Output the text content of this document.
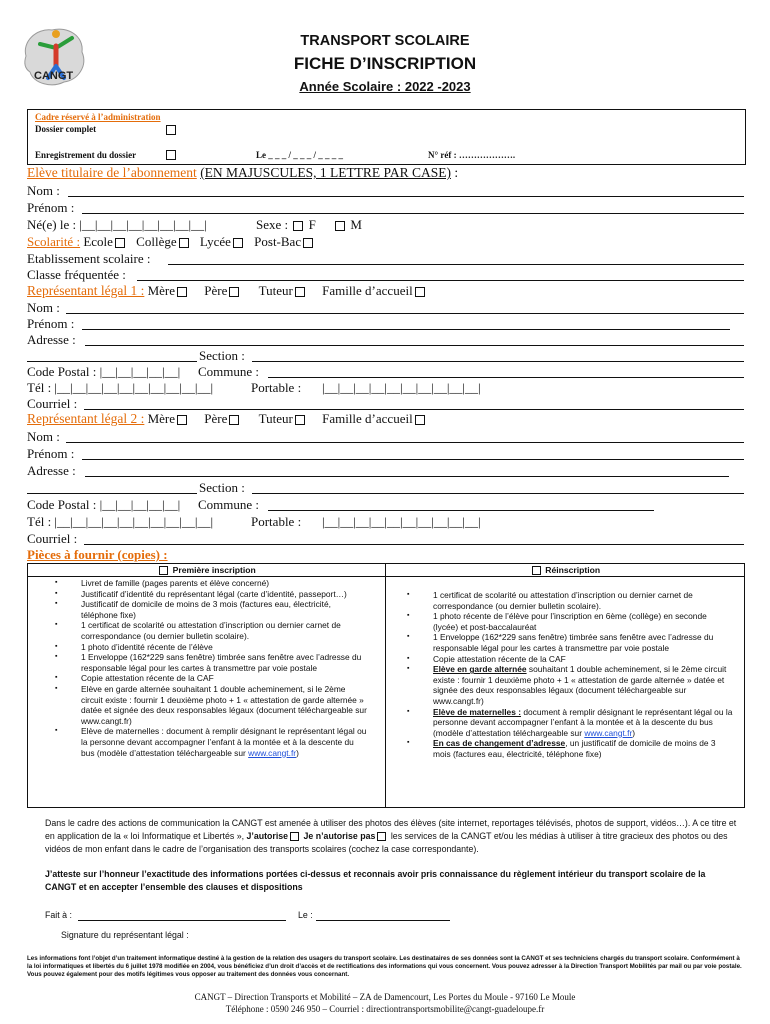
CANGT
TRANSPORT SCOLAIRE
FICHE D’INSCRIPTION
Année Scolaire : 2022 -2023
Cadre réservé à l’administration
Dossier complet
Enregistrement du dossier	Le _ _ _ / _ _ _ / _ _ _ _	N° réf : ……………….
Elève titulaire de l’abonnement (EN MAJUSCULES, 1 LETTRE PAR CASE) :
Nom :
Prénom :
Né(e) le : |__|__|__|__|__|__|__|__|	Sexe : F	M
Scolarité : Ecole Collège Lycée Post-Bac
Etablissement scolaire :
Classe fréquentée :
Représentant légal 1 : Mère Père Tuteur Famille d’accueil
Nom :
Prénom :
Adresse :
Section :
Code Postal : |__|__|__|__|__| Commune :
Tél : |__|__|__|__|__|__|__|__|__|__|	Portable : |__|__|__|__|__|__|__|__|__|__|
Courriel :
Représentant légal 2 : Mère Père Tuteur Famille d’accueil
Nom :
Prénom :
Adresse :
Section :
Code Postal : |__|__|__|__|__| Commune :
Tél : |__|__|__|__|__|__|__|__|__|__|	Portable : |__|__|__|__|__|__|__|__|__|__|
Courriel :
Pièces à fournir (copies) :
Première inscription	Réinscription
▪ Livret de famille (pages parents et élève concerné)
▪ Justificatif d’identité du représentant légal (carte d’identité, passeport…)
▪ Justificatif de domicile de moins de 3 mois (factures eau, électricité, téléphone fixe)
▪ 1 certificat de scolarité ou attestation d’inscription ou dernier carnet de correspondance (ou dernier bulletin scolaire).
▪ 1 photo d’identité récente de l’élève
▪ 1 Enveloppe (162*229 sans fenêtre) timbrée sans fenêtre avec l’adresse du responsable légal pour les cartes à transmettre par voie postale
▪ Copie attestation récente de la CAF
▪ Elève en garde alternée souhaitant 1 double acheminement, si le 2ème circuit existe : fournir 1 deuxième photo + 1 « attestation de garde alternée » datée et signée des deux responsables légaux (document téléchargeable sur www.cangt.fr)
▪ Elève de maternelles : document à remplir désignant le représentant légal ou la personne devant accompagner l’enfant à la montée et à la descente du bus (modèle d’attestation téléchargeable sur www.cangt.fr)
▪ 1 certificat de scolarité ou attestation d’inscription ou dernier carnet de correspondance (ou dernier bulletin scolaire).
▪ 1 photo récente de l’élève pour l’inscription en 6ème (collège) en seconde (lycée) et post-baccalauréat
▪ 1 Enveloppe (162*229 sans fenêtre) timbrée sans fenêtre avec l’adresse du responsable légal pour les cartes à transmettre par voie postale
▪ Copie attestation récente de la CAF
▪ Elève en garde alternée souhaitant 1 double acheminement, si le 2ème circuit existe : fournir 1 deuxième photo + 1 « attestation de garde alternée » datée et signée des deux responsables légaux (document téléchargeable sur www.cangt.fr)
▪ Elève de maternelles : document à remplir désignant le représentant légal ou la personne devant accompagner l’enfant à la montée et à la descente du bus (modèle d’attestation téléchargeable sur www.cangt.fr)
▪ En cas de changement d’adresse, un justificatif de domicile de moins de 3 mois (factures eau, électricité, téléphone fixe)
Dans le cadre des actions de communication la CANGT est amenée à utiliser des photos des élèves (site internet, reportages télévisés, photos de support, vidéos…). A ce titre et en application de la « loi Informatique et Libertés », J’autorise Je n’autorise pas les services de la CANGT et/ou les médias à utiliser à titre gracieux des photos ou des vidéos de mon enfant dans le cadre de l’organisation des transports scolaires (cochez la case correspondante).
J’atteste sur l’honneur l’exactitude des informations portées ci-dessus et reconnais avoir pris connaissance du règlement intérieur du transport scolaire de la CANGT et en accepter l’ensemble des clauses et dispositions
Fait à :	Le :
Signature du représentant légal :
Les informations font l’objet d’un traitement informatique destiné à la gestion de la relation des usagers du transport scolaire. Les destinataires de ses données sont la CANGT et ses techniciens chargés du transport scolaire. Conformément à la loi informatiques et libertés du 6 juillet 1978 modifiée en 2004, vous bénéficiez d’un droit d’accès et de rectifications des informations qui vous concernent. Vous pouvez adresser à la Direction Transport Mobilités par mail ou par voie postale. Vous pouvez également pour des motifs légitimes vous opposer au traitement des données vous concernant.
CANGT – Direction Transports et Mobilité – ZA de Damencourt, Les Portes du Moule - 97160 Le Moule
Téléphone : 0590 246 950 – Courriel : directiontransportsmobilite@cangt-guadeloupe.fr
